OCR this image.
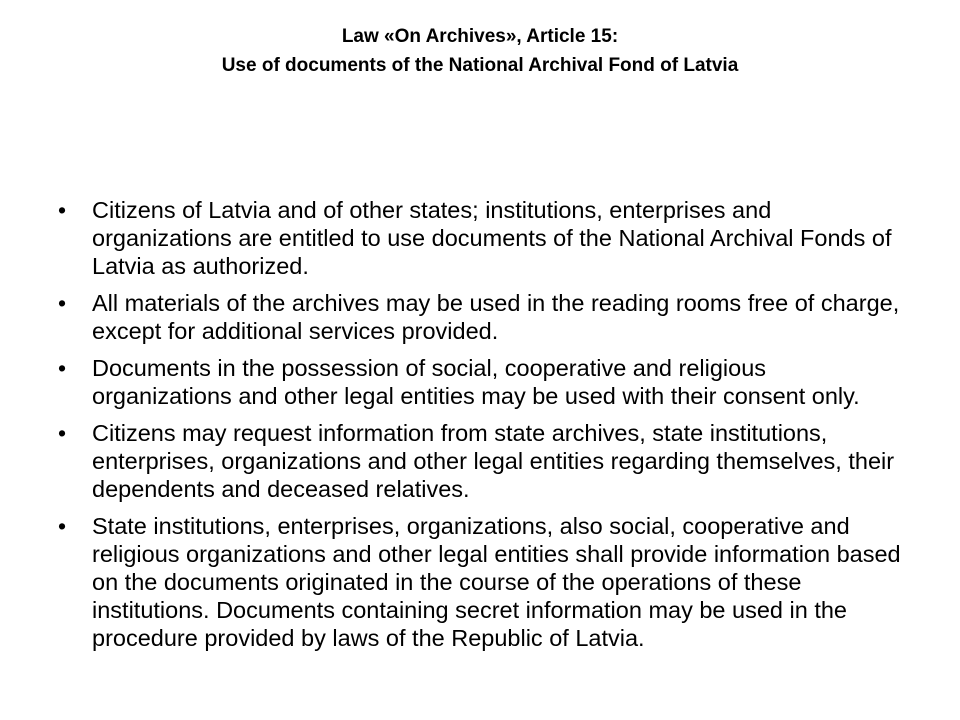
Law «On Archives», Article 15:
Use of documents of the National Archival Fond of Latvia
• Citizens of Latvia and of other states; institutions, enterprises and organizations are entitled to use documents of the National Archival Fonds of Latvia as authorized.
• All materials of the archives may be used in the reading rooms free of charge, except for additional services provided.
• Documents in the possession of social, cooperative and religious organizations and other legal entities may be used with their consent only.
• Citizens may request information from state archives, state institutions, enterprises, organizations and other legal entities regarding themselves, their dependents and deceased relatives.
• State institutions, enterprises, organizations, also social, cooperative and religious organizations and other legal entities shall provide information based on the documents originated in the course of the operations of these institutions. Documents containing secret information may be used in the procedure provided by laws of the Republic of Latvia.
